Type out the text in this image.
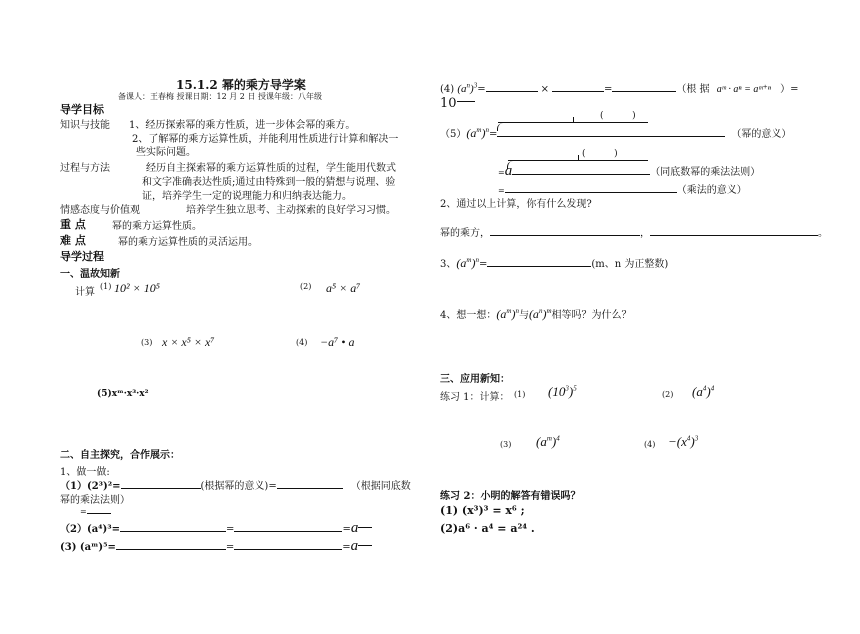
15.1.2 幂的乘方导学案
备课人：王春梅 授课日期：12 月 2 日 授课年级：八年级
导学目标
知识与技能 1、经历探索幂的乘方性质，进一步体会幂的乘方。
2、了解幂的乘方运算性质，并能利用性质进行计算和解决一
些实际问题。
过程与方法	经历自主探索幂的乘方运算性质的过程，学生能用代数式
和文字准确表达性质;通过由特殊到一般的猜想与说理、验
证，培养学生一定的说理能力和归纳表达能力。
情感态度与价值观	培养学生独立思考、主动探索的良好学习习惯。
重 点	幂的乘方运算性质。
难 点	幂的乘方运算性质的灵活运用。
导学过程
一、温故知新
计算
(1) 10² × 10⁵	(2) a⁵ × a⁷
(3) x × x⁵ × x⁷	(4) −a⁷ • a
(5)xᵐ·x³·x²
二、自主探究，合作展示：
1、做一做:
（1）(2³)²=	(根据幂的意义)=	（根据同底数
幂的乘法法则）
=
（2）(a⁴)³=	=	=a
(3) (aᵐ)⁵=	=	=a
(4) $(a^n)^3=$	×	=	（根 据 aᵐ · aⁿ = aᵐ⁺ⁿ ）=
10
(          )
$(5)(a^m)^n=$	（幂的意义）
(          )
=a	（同底数幂的乘法法则）
=	（乘法的意义）
2、通过以上计算，你有什么发现?
幂的乘方，	，	。
3、$(a^m)^n=$	(m、n 为正整数)
4、想一想：$(a^m)^n$与$(a^n)^m$相等吗？为什么？
三、应用新知：
练习 1：计算： (1) $(10^3)^5$
(2) $(a^4)^4$
(3) $(a^m)^4$
$(4) -(x^4)^3$
练习 2：小明的解答有错误吗？
(1) (x³)³ = x⁶ ;
(2)a⁶ · a⁴ = a²⁴ .
